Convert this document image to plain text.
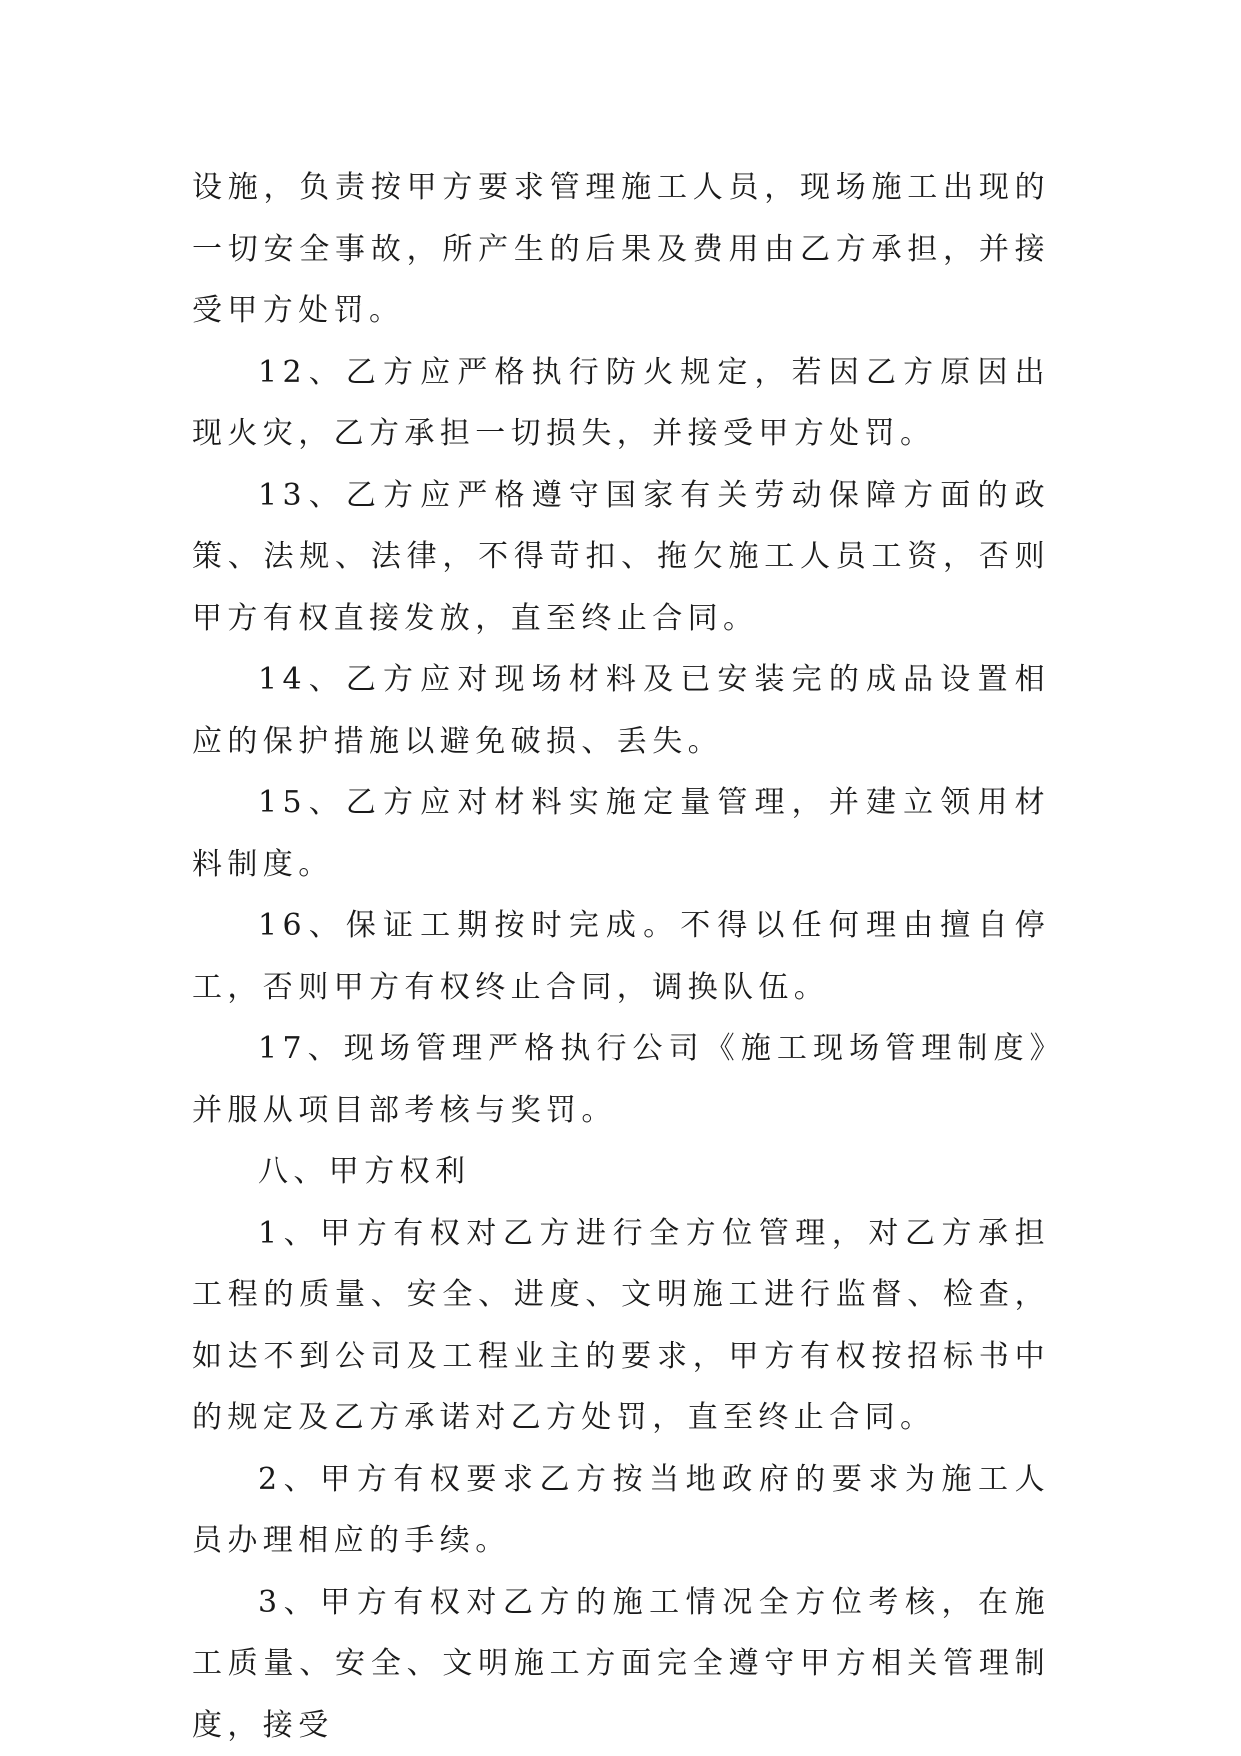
设施，负责按甲方要求管理施工人员，现场施工出现的一切安全事故，所产生的后果及费用由乙方承担，并接受甲方处罚。

12、乙方应严格执行防火规定，若因乙方原因出现火灾，乙方承担一切损失，并接受甲方处罚。

13、乙方应严格遵守国家有关劳动保障方面的政策、法规、法律，不得苛扣、拖欠施工人员工资，否则甲方有权直接发放，直至终止合同。

14、乙方应对现场材料及已安装完的成品设置相应的保护措施以避免破损、丢失。

15、乙方应对材料实施定量管理，并建立领用材料制度。

16、保证工期按时完成。不得以任何理由擅自停工，否则甲方有权终止合同，调换队伍。

17、现场管理严格执行公司《施工现场管理制度》并服从项目部考核与奖罚。

八、甲方权利

1、甲方有权对乙方进行全方位管理，对乙方承担工程的质量、安全、进度、文明施工进行监督、检查，如达不到公司及工程业主的要求，甲方有权按招标书中的规定及乙方承诺对乙方处罚，直至终止合同。

2、甲方有权要求乙方按当地政府的要求为施工人员办理相应的手续。

3、甲方有权对乙方的施工情况全方位考核，在施工质量、安全、文明施工方面完全遵守甲方相关管理制度，接受
